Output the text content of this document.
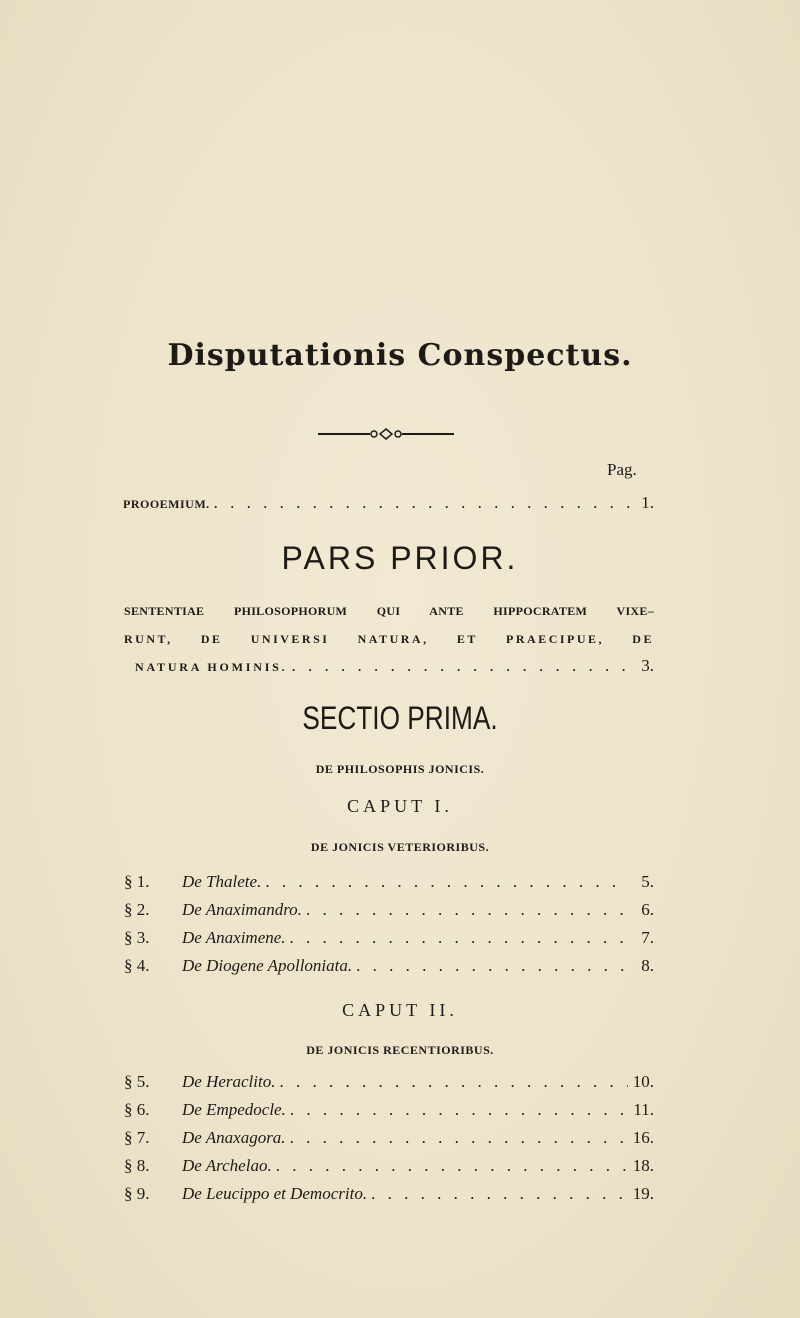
Disputationis Conspectus.
Pag.
PROOEMIUM. . . .	1.
PARS PRIOR.
SENTENTIAE PHILOSOPHORUM QUI ANTE HIPPOCRATEM VIXE–
RUNT, DE UNIVERSI NATURA, ET PRAECIPUE, DE
NATURA HOMINIS. . . .	3.
SECTIO PRIMA.
DE PHILOSOPHIS JONICIS.
CAPUT I.
DE JONICIS VETERIORIBUS.
§ 1.	De Thalete. . . .	5.
§ 2.	De Anaximandro. . . .	6.
§ 3.	De Anaximene. . . .	7.
§ 4.	De Diogene Apolloniata. . . .	8.
CAPUT II.
DE JONICIS RECENTIORIBUS.
§ 5.	De Heraclito. . . .	10.
§ 6.	De Empedocle. . . .	11.
§ 7.	De Anaxagora. . . .	16.
§ 8.	De Archelao. . . .	18.
§ 9.	De Leucippo et Democrito. . . .	19.
